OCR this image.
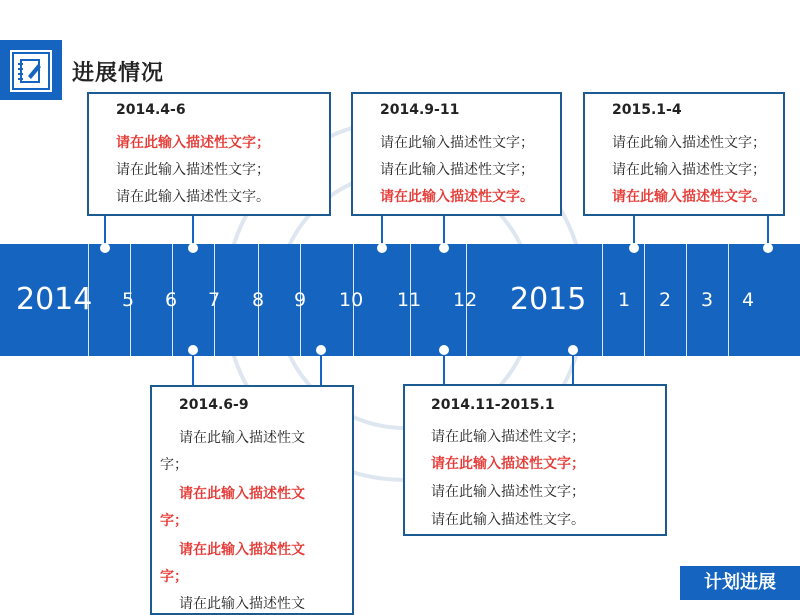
进展情况
2014	2015
5 6 7 8 9 10 11 12	1 2 3 4
2014.4-6
请在此输入描述性文字；
请在此输入描述性文字；
请在此输入描述性文字。
2014.9-11
请在此输入描述性文字；
请在此输入描述性文字；
请在此输入描述性文字。
2015.1-4
请在此输入描述性文字；
请在此输入描述性文字；
请在此输入描述性文字。
2014.6-9
请在此输入描述性文
字；
请在此输入描述性文
字；
请在此输入描述性文
字；
请在此输入描述性文
2014.11-2015.1
请在此输入描述性文字；
请在此输入描述性文字；
请在此输入描述性文字；
请在此输入描述性文字。
计划进展
